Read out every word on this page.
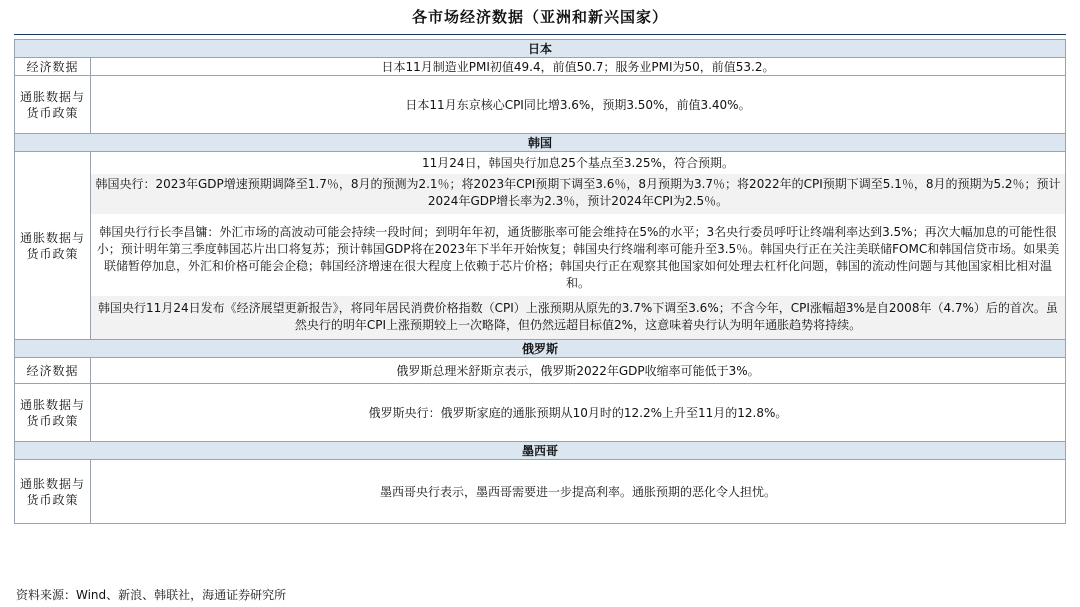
各市场经济数据（亚洲和新兴国家）
日本	
经济数据	日本11月制造业PMI初值49.4，前值50.7；服务业PMI为50，前值53.2。
通胀数据与货币政策	日本11月东京核心CPI同比增3.6%，预期3.50%，前值3.40%。
韩国	
通胀数据与货币政策	11月24日，韩国央行加息25个基点至3.25%，符合预期。
韩国央行：2023年GDP增速预期调降至1.7％，8月的预测为2.1％；将2023年CPI预期下调至3.6％，8月预期为3.7％；将2022年的CPI预期下调至5.1％，8月的预期为5.2％；预计2024年GDP增长率为2.3％，预计2024年CPI为2.5％。
韩国央行行长李昌镛：外汇市场的高波动可能会持续一段时间；到明年年初，通货膨胀率可能会维持在5%的水平；3名央行委员呼吁让终端利率达到3.5%；再次大幅加息的可能性很小；预计明年第三季度韩国芯片出口将复苏；预计韩国GDP将在2023年下半年开始恢复；韩国央行终端利率可能升至3.5％。韩国央行正在关注美联储FOMC和韩国信贷市场。如果美联储暂停加息，外汇和价格可能会企稳；韩国经济增速在很大程度上依赖于芯片价格；韩国央行正在观察其他国家如何处理去杠杆化问题，韩国的流动性问题与其他国家相比相对温和。
韩国央行11月24日发布《经济展望更新报告》，将同年居民消费价格指数（CPI）上涨预期从原先的3.7%下调至3.6%；不含今年，CPI涨幅超3%是自2008年（4.7%）后的首次。虽然央行的明年CPI上涨预期较上一次略降，但仍然远超目标值2%，这意味着央行认为明年通胀趋势将持续。

俄罗斯	
经济数据	俄罗斯总理米舒斯京表示，俄罗斯2022年GDP收缩率可能低于3%。
通胀数据与货币政策	俄罗斯央行：俄罗斯家庭的通胀预期从10月时的12.2%上升至11月的12.8%。
墨西哥	
通胀数据与货币政策	墨西哥央行表示，墨西哥需要进一步提高利率。通胀预期的恶化令人担忧。
资料来源：Wind、新浪、韩联社，海通证券研究所
